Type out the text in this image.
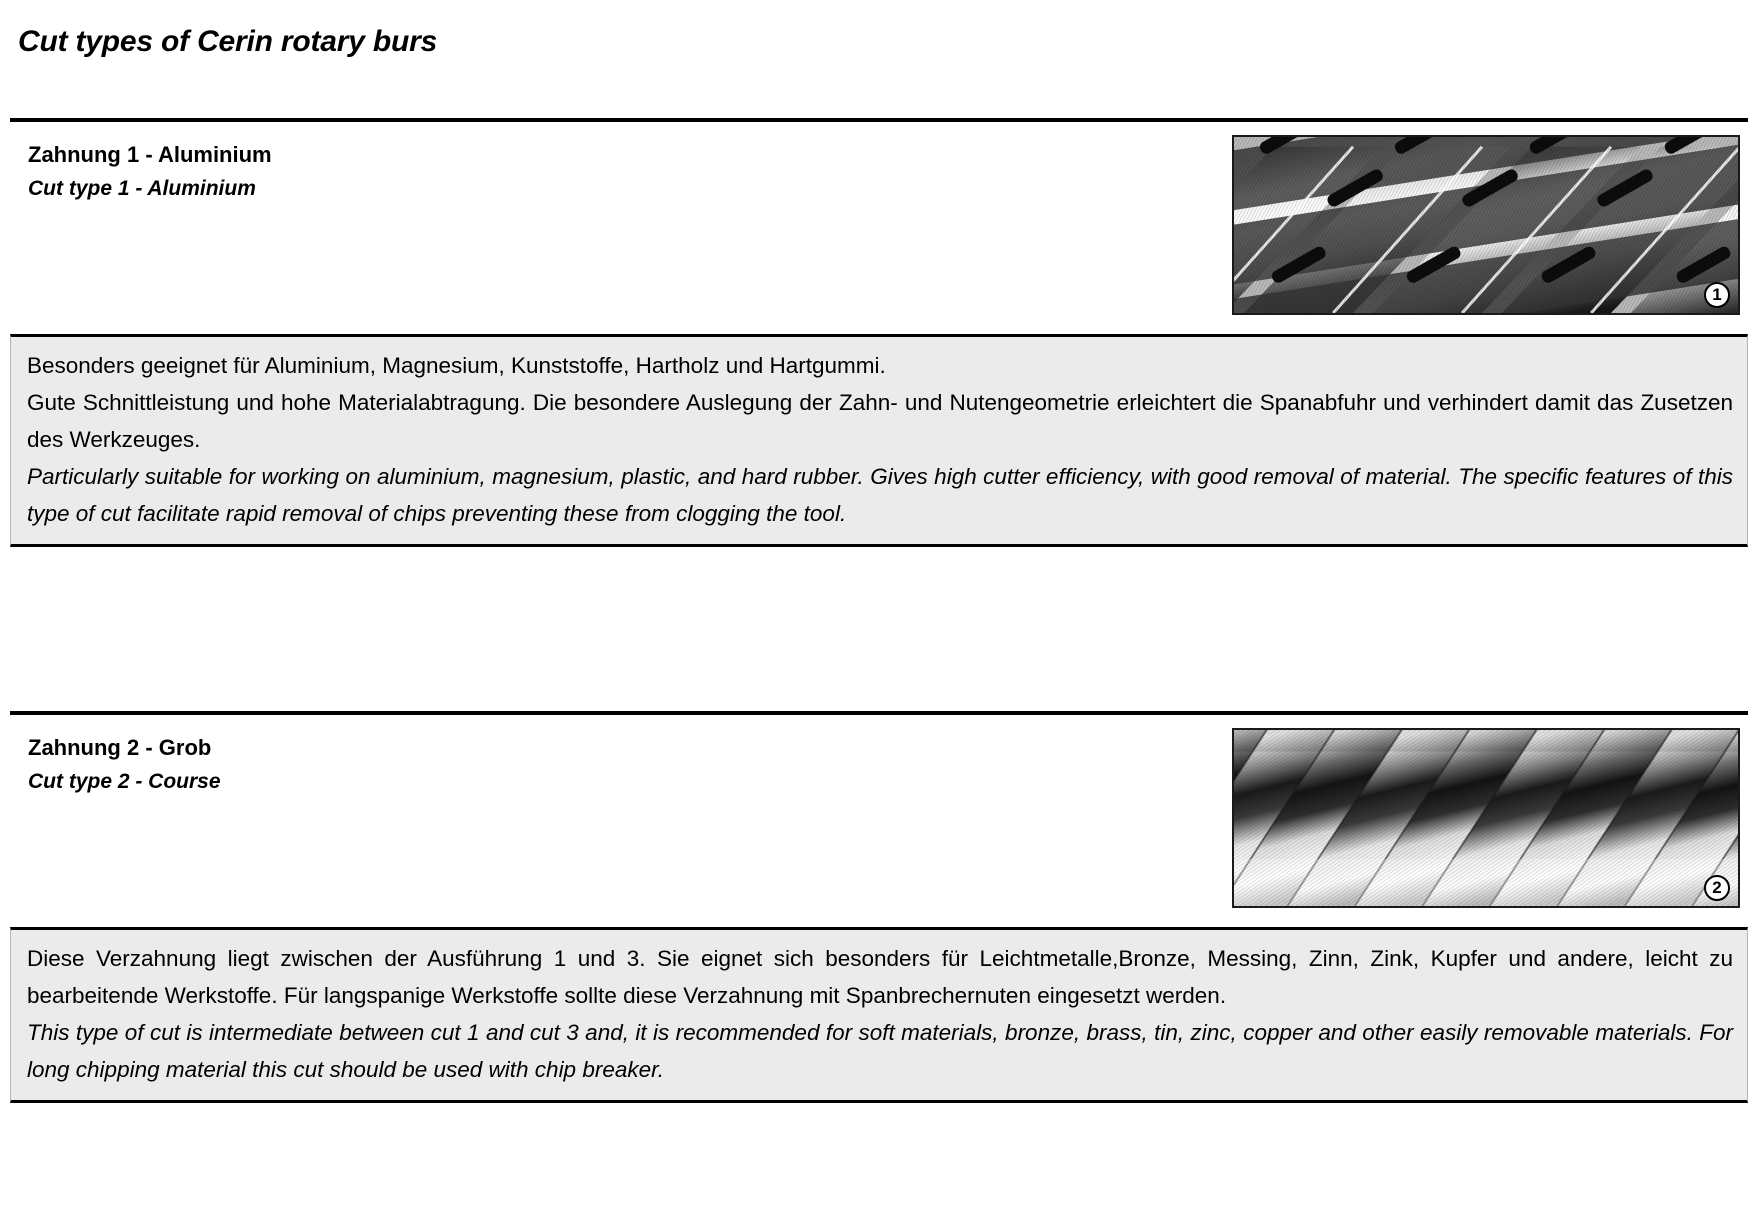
Cut types of Cerin rotary burs
Zahnung 1 - Aluminium
Cut type 1 - Aluminium
1

Besonders geeignet für Aluminium, Magnesium, Kunststoffe, Hartholz und Hartgummi.

Gute Schnittleistung und hohe Materialabtragung. Die besondere Auslegung der Zahn- und Nutengeometrie erleichtert die Spanabfuhr und verhindert damit das Zusetzen des Werkzeuges.

Particularly suitable for working on aluminium, magnesium, plastic, and hard rubber. Gives high cutter efficiency, with good removal of material. The specific features of this type of cut facilitate rapid removal of chips preventing these from clogging the tool.

Zahnung 2 - Grob
Cut type 2 - Course
2

Diese Verzahnung liegt zwischen der Ausführung 1 und 3. Sie eignet sich besonders für Leichtmetalle,Bronze, Messing, Zinn, Zink, Kupfer und andere, leicht zu bearbeitende Werkstoffe. Für langspanige Werkstoffe sollte diese Verzahnung mit Spanbrechernuten eingesetzt werden.

This type of cut is intermediate between cut 1 and cut 3 and, it is recommended for soft materials, bronze, brass, tin, zinc, copper and other easily removable materials. For long chipping material this cut should be used with chip breaker.
